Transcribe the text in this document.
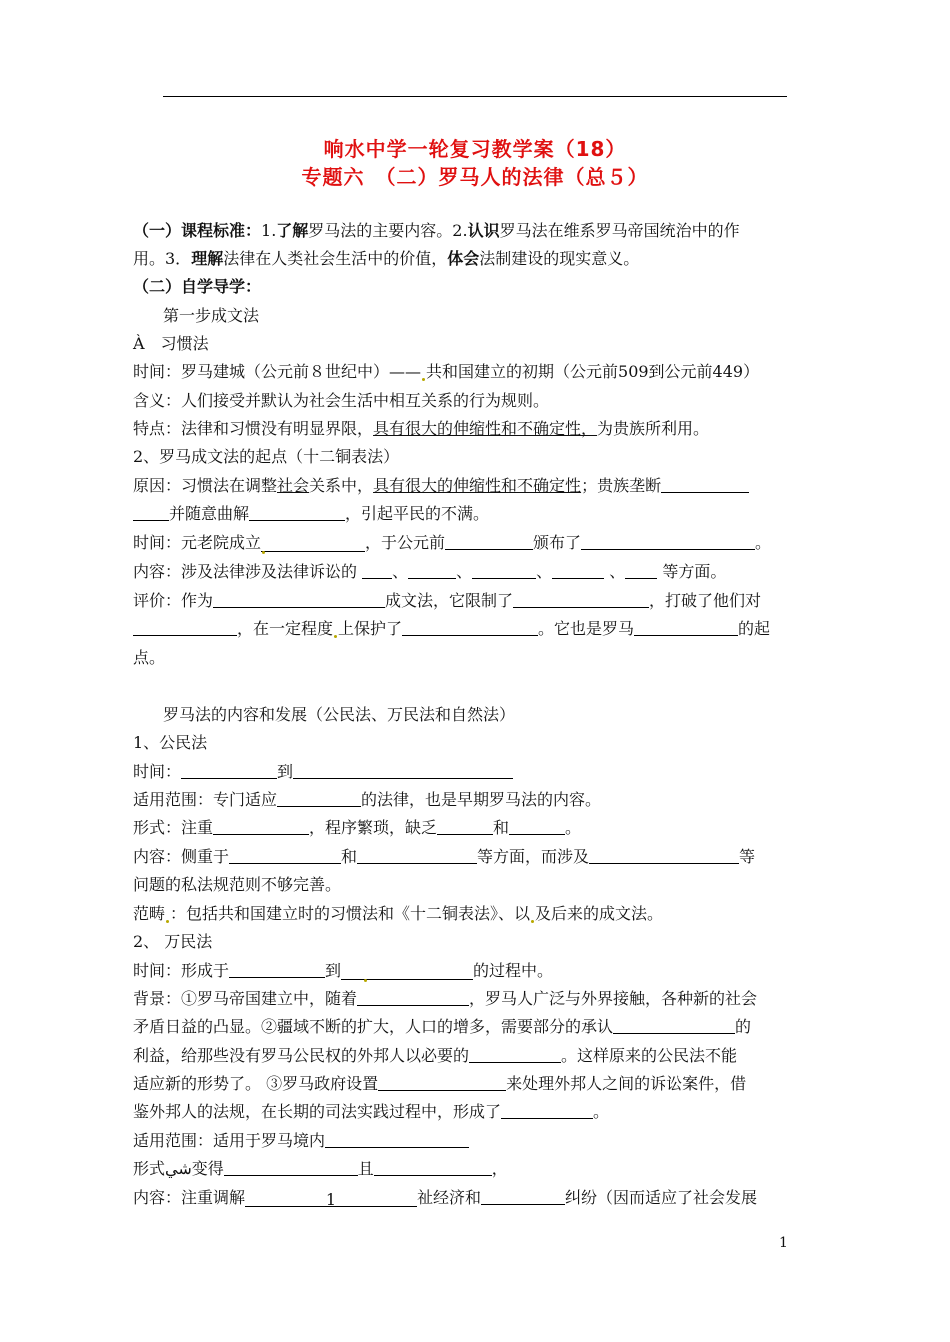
响水中学一轮复习教学案（18）
专题六　（二）罗马人的法律（总５）
（一）课程标准：1.了解罗马法的主要内容。2.认识罗马法在维系罗马帝国统治中的作
用。3．理解法律在人类社会生活中的价值，体会法制建设的现实意义。
（二）自学导学：
第一步成文法
À 习惯法
时间：罗马建城（公元前８世纪中）—— 共和国建立的初期（公元前509到公元前449）
含义：人们接受并默认为社会生活中相互关系的行为规则。
特点：法律和习惯没有明显界限，具有很大的伸缩性和不确定性，为贵族所利用。
2、罗马成文法的起点（十二铜表法）
原因：习惯法在调整社会关系中，具有很大的伸缩性和不确定性；贵族垄断
并随意曲解	，引起平民的不满。
时间：元老院成立	，于公元前	颁布了	。
内容：涉及法律涉及法律诉讼的 、	、	、	、 等方面。
评价：作为	成文法，它限制了	，打破了他们对
，在一定程度 上保护了	。它也是罗马	的起
点。
罗马法的内容和发展（公民法、万民法和自然法）
1、公民法
时间：	到
适用范围：专门适应	的法律，也是早期罗马法的内容。
形式：注重	，程序繁琐，缺乏	和	。
内容：侧重于	和	等方面，而涉及	等
问题的私法规范则不够完善。
范畴 ：包括共和国建立时的习惯法和《十二铜表法》、以 及后来的成文法。
2、 万民法
时间：形成于	到	的过程中。
背景：①罗马帝国建立中，随着	，罗马人广泛与外界接触，各种新的社会
矛盾日益的凸显。②疆域不断的扩大，人口的增多，需要部分的承认	的
利益，给那些没有罗马公民权的外邦人以必要的	。这样原来的公民法不能
适应新的形势了。 ③罗马政府设置	来处理外邦人之间的诉讼案件，借
鉴外邦人的法规，在长期的司法实践过程中，形成了	。
适用范围：适用于罗马境内
形式شي变得	且	，
内容：注重调解	1	祉经济和	纠纷（因而适应了社会发展
1
